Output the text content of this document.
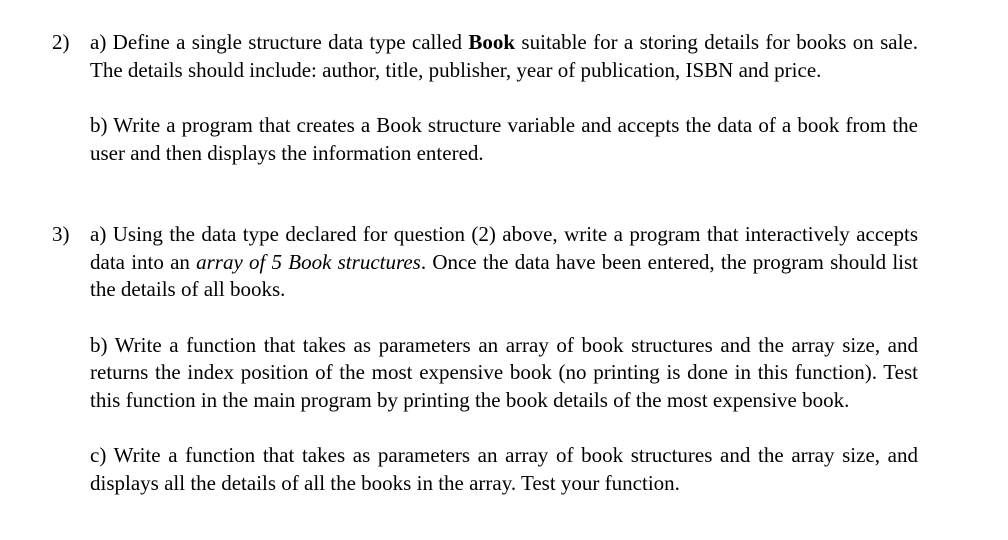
2) a) Define a single structure data type called Book suitable for a storing details for books on sale. The details should include: author, title, publisher, year of publication, ISBN and price.

b) Write a program that creates a Book structure variable and accepts the data of a book from the user and then displays the information entered.

3) a) Using the data type declared for question (2) above, write a program that interactively accepts data into an array of 5 Book structures. Once the data have been entered, the program should list the details of all books.

b) Write a function that takes as parameters an array of book structures and the array size, and returns the index position of the most expensive book (no printing is done in this function). Test this function in the main program by printing the book details of the most expensive book.

c) Write a function that takes as parameters an array of book structures and the array size, and displays all the details of all the books in the array. Test your function.
